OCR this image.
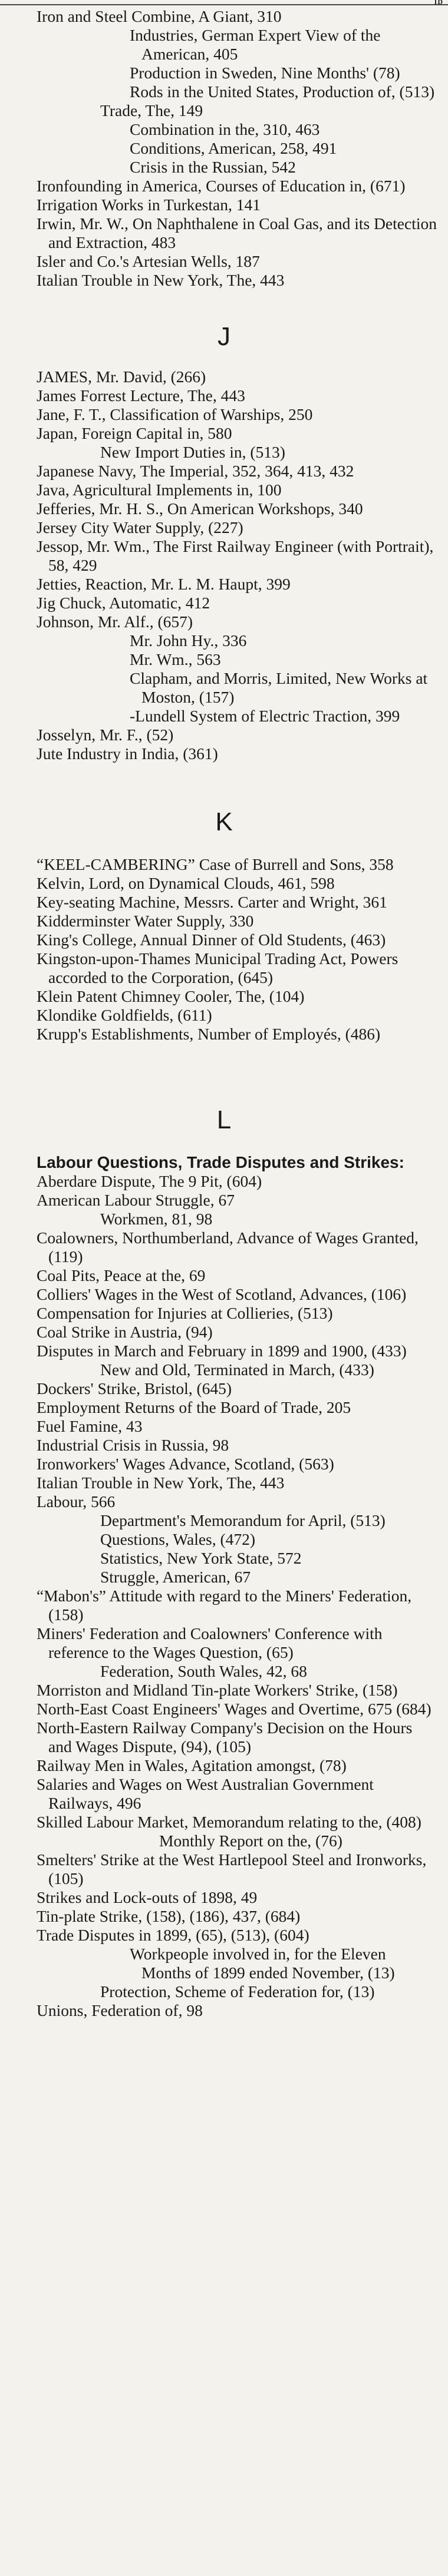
ID
Iron and Steel Combine, A Giant, 310
Industries, German Expert View of the American, 405
Production in Sweden, Nine Months' (78)
Rods in the United States, Production of, (513)
Trade, The, 149
Combination in the, 310, 463
Conditions, American, 258, 491
Crisis in the Russian, 542
Ironfounding in America, Courses of Education in, (671)
Irrigation Works in Turkestan, 141
Irwin, Mr. W., On Naphthalene in Coal Gas, and its Detection and Extraction, 483
Isler and Co.'s Artesian Wells, 187
Italian Trouble in New York, The, 443
J
JAMES, Mr. David, (266)
James Forrest Lecture, The, 443
Jane, F. T., Classification of Warships, 250
Japan, Foreign Capital in, 580
New Import Duties in, (513)
Japanese Navy, The Imperial, 352, 364, 413, 432
Java, Agricultural Implements in, 100
Jefferies, Mr. H. S., On American Workshops, 340
Jersey City Water Supply, (227)
Jessop, Mr. Wm., The First Railway Engineer (with Portrait), 58, 429
Jetties, Reaction, Mr. L. M. Haupt, 399
Jig Chuck, Automatic, 412
Johnson, Mr. Alf., (657)
Mr. John Hy., 336
Mr. Wm., 563
Clapham, and Morris, Limited, New Works at Moston, (157)
-Lundell System of Electric Traction, 399
Josselyn, Mr. F., (52)
Jute Industry in India, (361)
K
“KEEL-CAMBERING” Case of Burrell and Sons, 358
Kelvin, Lord, on Dynamical Clouds, 461, 598
Key-seating Machine, Messrs. Carter and Wright, 361
Kidderminster Water Supply, 330
King's College, Annual Dinner of Old Students, (463)
Kingston-upon-Thames Municipal Trading Act, Powers accorded to the Corporation, (645)
Klein Patent Chimney Cooler, The, (104)
Klondike Goldfields, (611)
Krupp's Establishments, Number of Employés, (486)
L
Labour Questions, Trade Disputes and Strikes:
Aberdare Dispute, The 9 Pit, (604)
American Labour Struggle, 67
Workmen, 81, 98
Coalowners, Northumberland, Advance of Wages Granted, (119)
Coal Pits, Peace at the, 69
Colliers' Wages in the West of Scotland, Advances, (106)
Compensation for Injuries at Collieries, (513)
Coal Strike in Austria, (94)
Disputes in March and February in 1899 and 1900, (433)
New and Old, Terminated in March, (433)
Dockers' Strike, Bristol, (645)
Employment Returns of the Board of Trade, 205
Fuel Famine, 43
Industrial Crisis in Russia, 98
Ironworkers' Wages Advance, Scotland, (563)
Italian Trouble in New York, The, 443
Labour, 566
Department's Memorandum for April, (513)
Questions, Wales, (472)
Statistics, New York State, 572
Struggle, American, 67
“Mabon's” Attitude with regard to the Miners' Federation, (158)
Miners' Federation and Coalowners' Conference with reference to the Wages Question, (65)
Federation, South Wales, 42, 68
Morriston and Midland Tin-plate Workers' Strike, (158)
North-East Coast Engineers' Wages and Overtime, 675 (684)
North-Eastern Railway Company's Decision on the Hours and Wages Dispute, (94), (105)
Railway Men in Wales, Agitation amongst, (78)
Salaries and Wages on West Australian Government Railways, 496
Skilled Labour Market, Memorandum relating to the, (408)
Monthly Report on the, (76)
Smelters' Strike at the West Hartlepool Steel and Ironworks, (105)
Strikes and Lock-outs of 1898, 49
Tin-plate Strike, (158), (186), 437, (684)
Trade Disputes in 1899, (65), (513), (604)
Workpeople involved in, for the Eleven Months of 1899 ended November, (13)
Protection, Scheme of Federation for, (13)
Unions, Federation of, 98
